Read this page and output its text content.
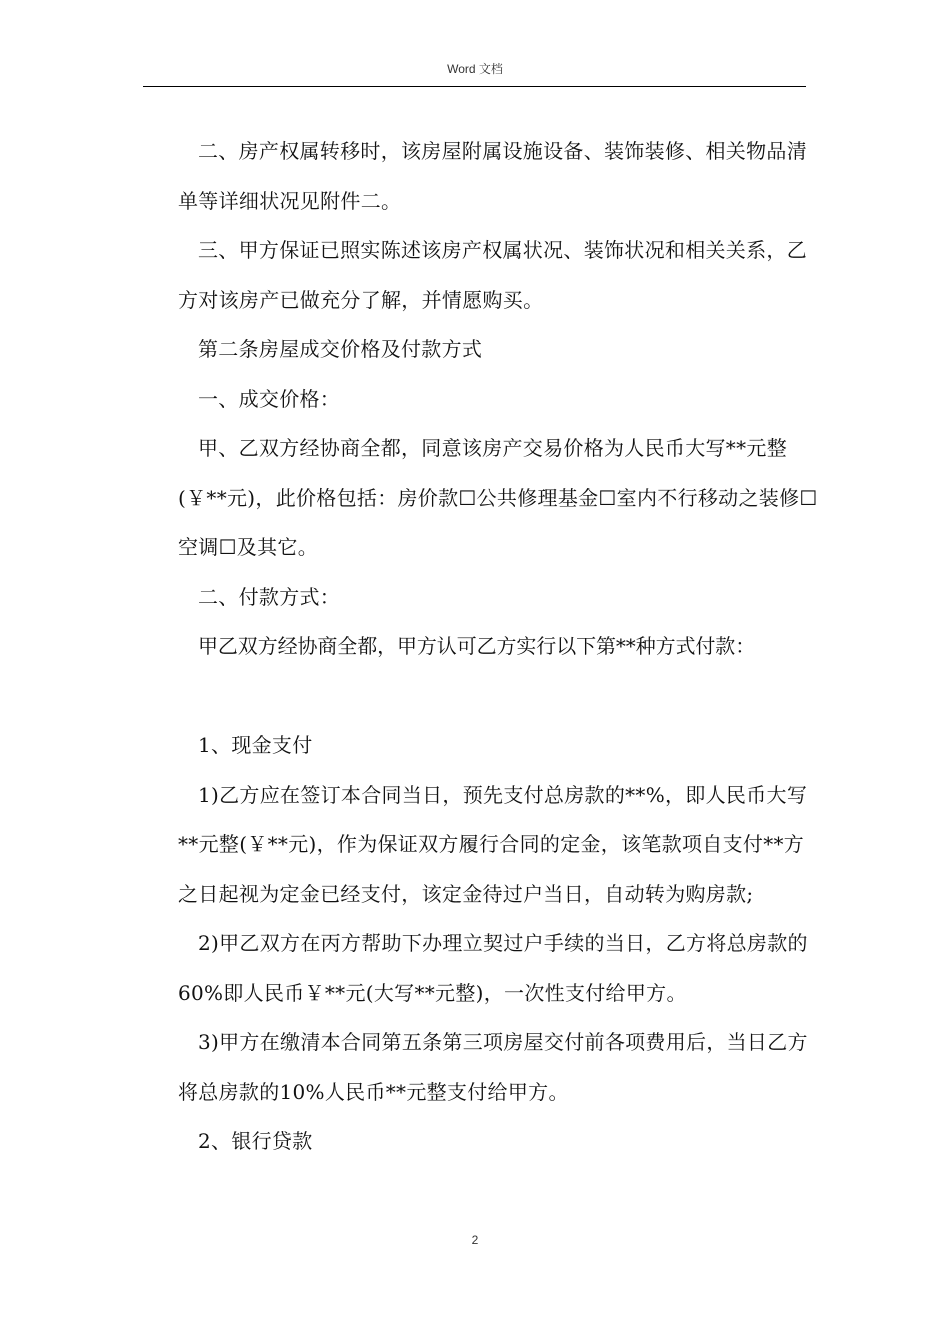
Word 文档

二、房产权属转移时，该房屋附属设施设备、装饰装修、相关物品清单等详细状况见附件二。

三、甲方保证已照实陈述该房产权属状况、装饰状况和相关关系，乙方对该房产已做充分了解，并情愿购买。

第二条房屋成交价格及付款方式

一、成交价格：

甲、乙双方经协商全都，同意该房产交易价格为人民币大写**元整(￥**元)，此价格包括：房价款☐公共修理基金☐室内不行移动之装修☐空调☐及其它。

二、付款方式：

甲乙双方经协商全都，甲方认可乙方实行以下第**种方式付款：

1、现金支付

1)乙方应在签订本合同当日，预先支付总房款的**%，即人民币大写**元整(￥**元)，作为保证双方履行合同的定金，该笔款项自支付**方之日起视为定金已经支付，该定金待过户当日，自动转为购房款;

2)甲乙双方在丙方帮助下办理立契过户手续的当日，乙方将总房款的60%即人民币￥**元(大写**元整)，一次性支付给甲方。

3)甲方在缴清本合同第五条第三项房屋交付前各项费用后，当日乙方将总房款的10%人民币**元整支付给甲方。

2、银行贷款

2
